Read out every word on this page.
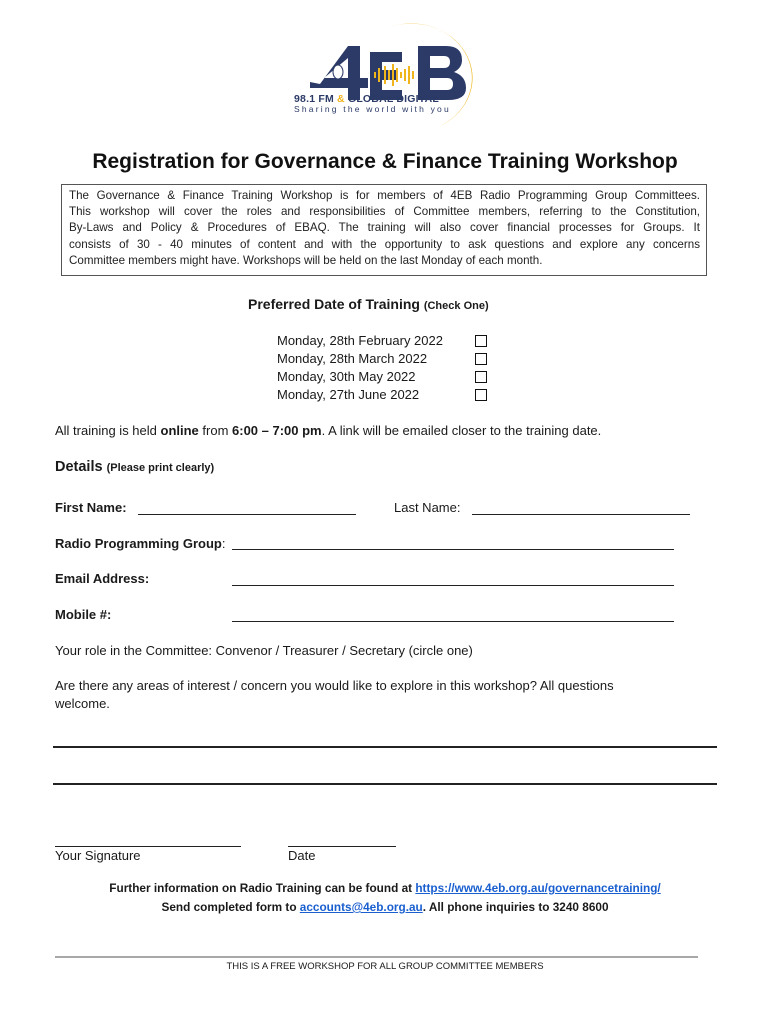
98.1 FM & GLOBAL DIGITAL
Sharing the world with you
Registration for Governance & Finance Training Workshop
The Governance & Finance Training Workshop is for members of 4EB Radio Programming Group Committees.
This workshop will cover the roles and responsibilities of Committee members, referring to the Constitution,
By-Laws and Policy & Procedures of EBAQ. The training will also cover financial processes for Groups. It
consists of 30 - 40 minutes of content and with the opportunity to ask questions and explore any concerns
Committee members might have. Workshops will be held on the last Monday of each month.
Preferred Date of Training (Check One)
Monday, 28th February 2022
Monday, 28th March 2022
Monday, 30th May 2022
Monday, 27th June 2022
All training is held online from 6:00 – 7:00 pm. A link will be emailed closer to the training date.
Details (Please print clearly)
First Name:	Last Name:
Radio Programming Group:
Email Address:
Mobile #:
Your role in the Committee: Convenor / Treasurer / Secretary (circle one)
Are there any areas of interest / concern you would like to explore in this workshop? All questions
welcome.
Your Signature	Date
Further information on Radio Training can be found at https://www.4eb.org.au/governancetraining/
Send completed form to accounts@4eb.org.au. All phone inquiries to 3240 8600
THIS IS A FREE WORKSHOP FOR ALL GROUP COMMITTEE MEMBERS
